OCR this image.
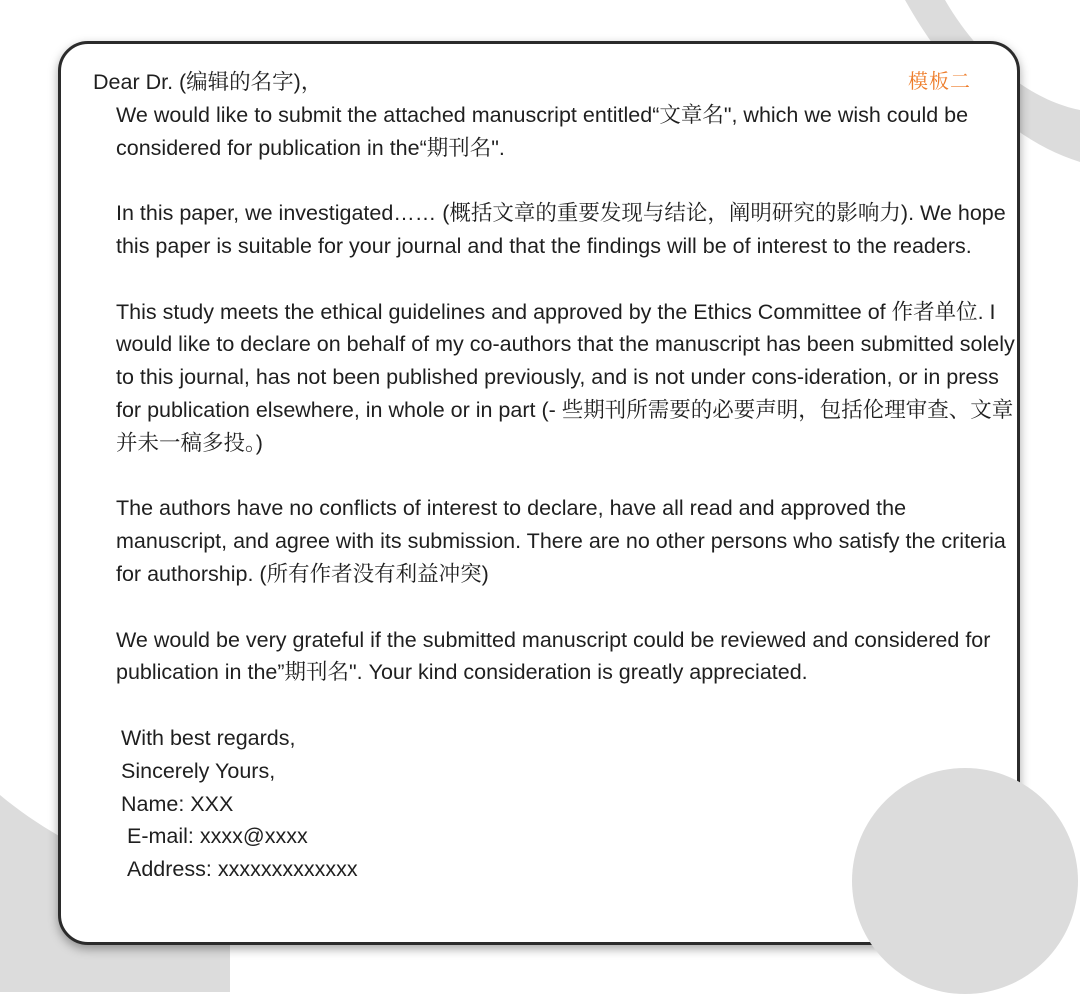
模板二

Dear Dr. (编辑的名字)，

We would like to submit the attached manuscript entitled“文章名", which we wish could be considered for publication in the“期刊名".

In this paper, we investigated…… (概括文章的重要发现与结论，阐明研究的影响力). We hope this paper is suitable for your journal and that the findings will be of interest to the readers.

This study meets the ethical guidelines and approved by the Ethics Committee of 作者单位. I would like to declare on behalf of my co-authors that the manuscript has been submitted solely to this journal, has not been published previously, and is not under cons-ideration, or in press for publication elsewhere, in whole or in part (- 些期刊所需要的必要声明，包括伦理审查、文章并未一稿多投。)

The authors have no conflicts of interest to declare, have all read and approved the manuscript, and agree with its submission. There are no other persons who satisfy the criteria for authorship. (所有作者没有利益冲突)

We would be very grateful if the submitted manuscript could be reviewed and considered for publication in the”期刊名". Your kind consideration is greatly appreciated.

With best regards,

Sincerely Yours,

Name: XXX

E-mail: xxxx@xxxx

Address: xxxxxxxxxxxxx
